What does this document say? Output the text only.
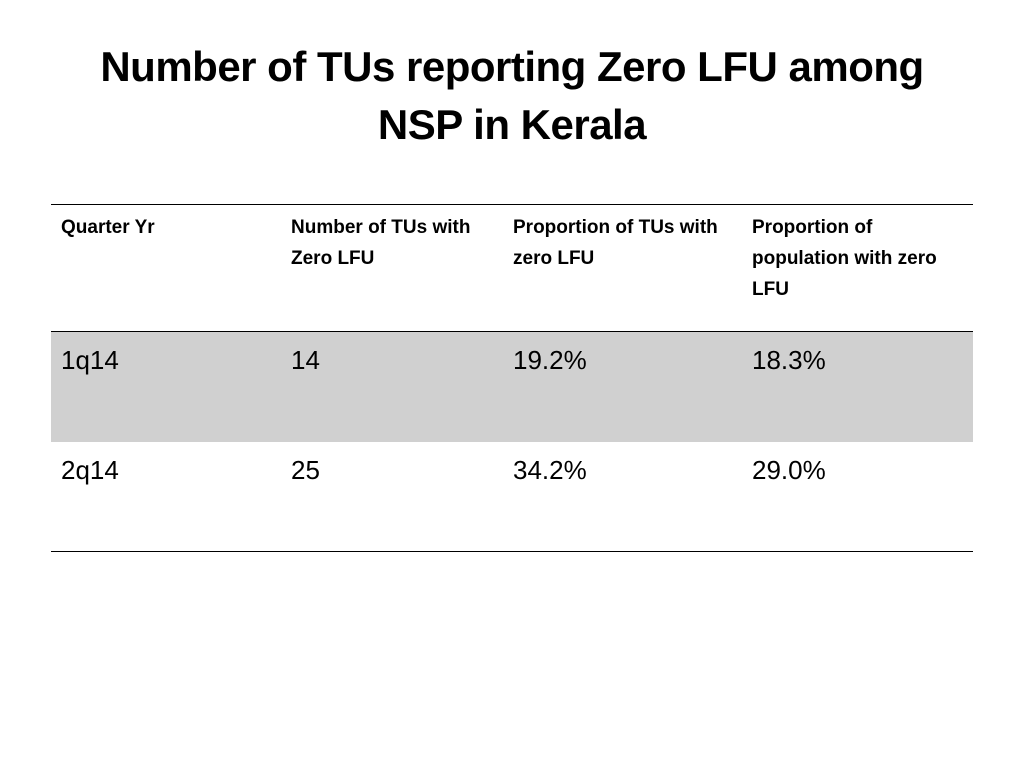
Number of TUs reporting Zero LFU among
NSP in Kerala
Quarter Yr	Number of TUs with Zero LFU	Proportion of TUs with zero LFU	Proportion of population with zero LFU
1q14	14	19.2%	18.3%
2q14	25	34.2%	29.0%
